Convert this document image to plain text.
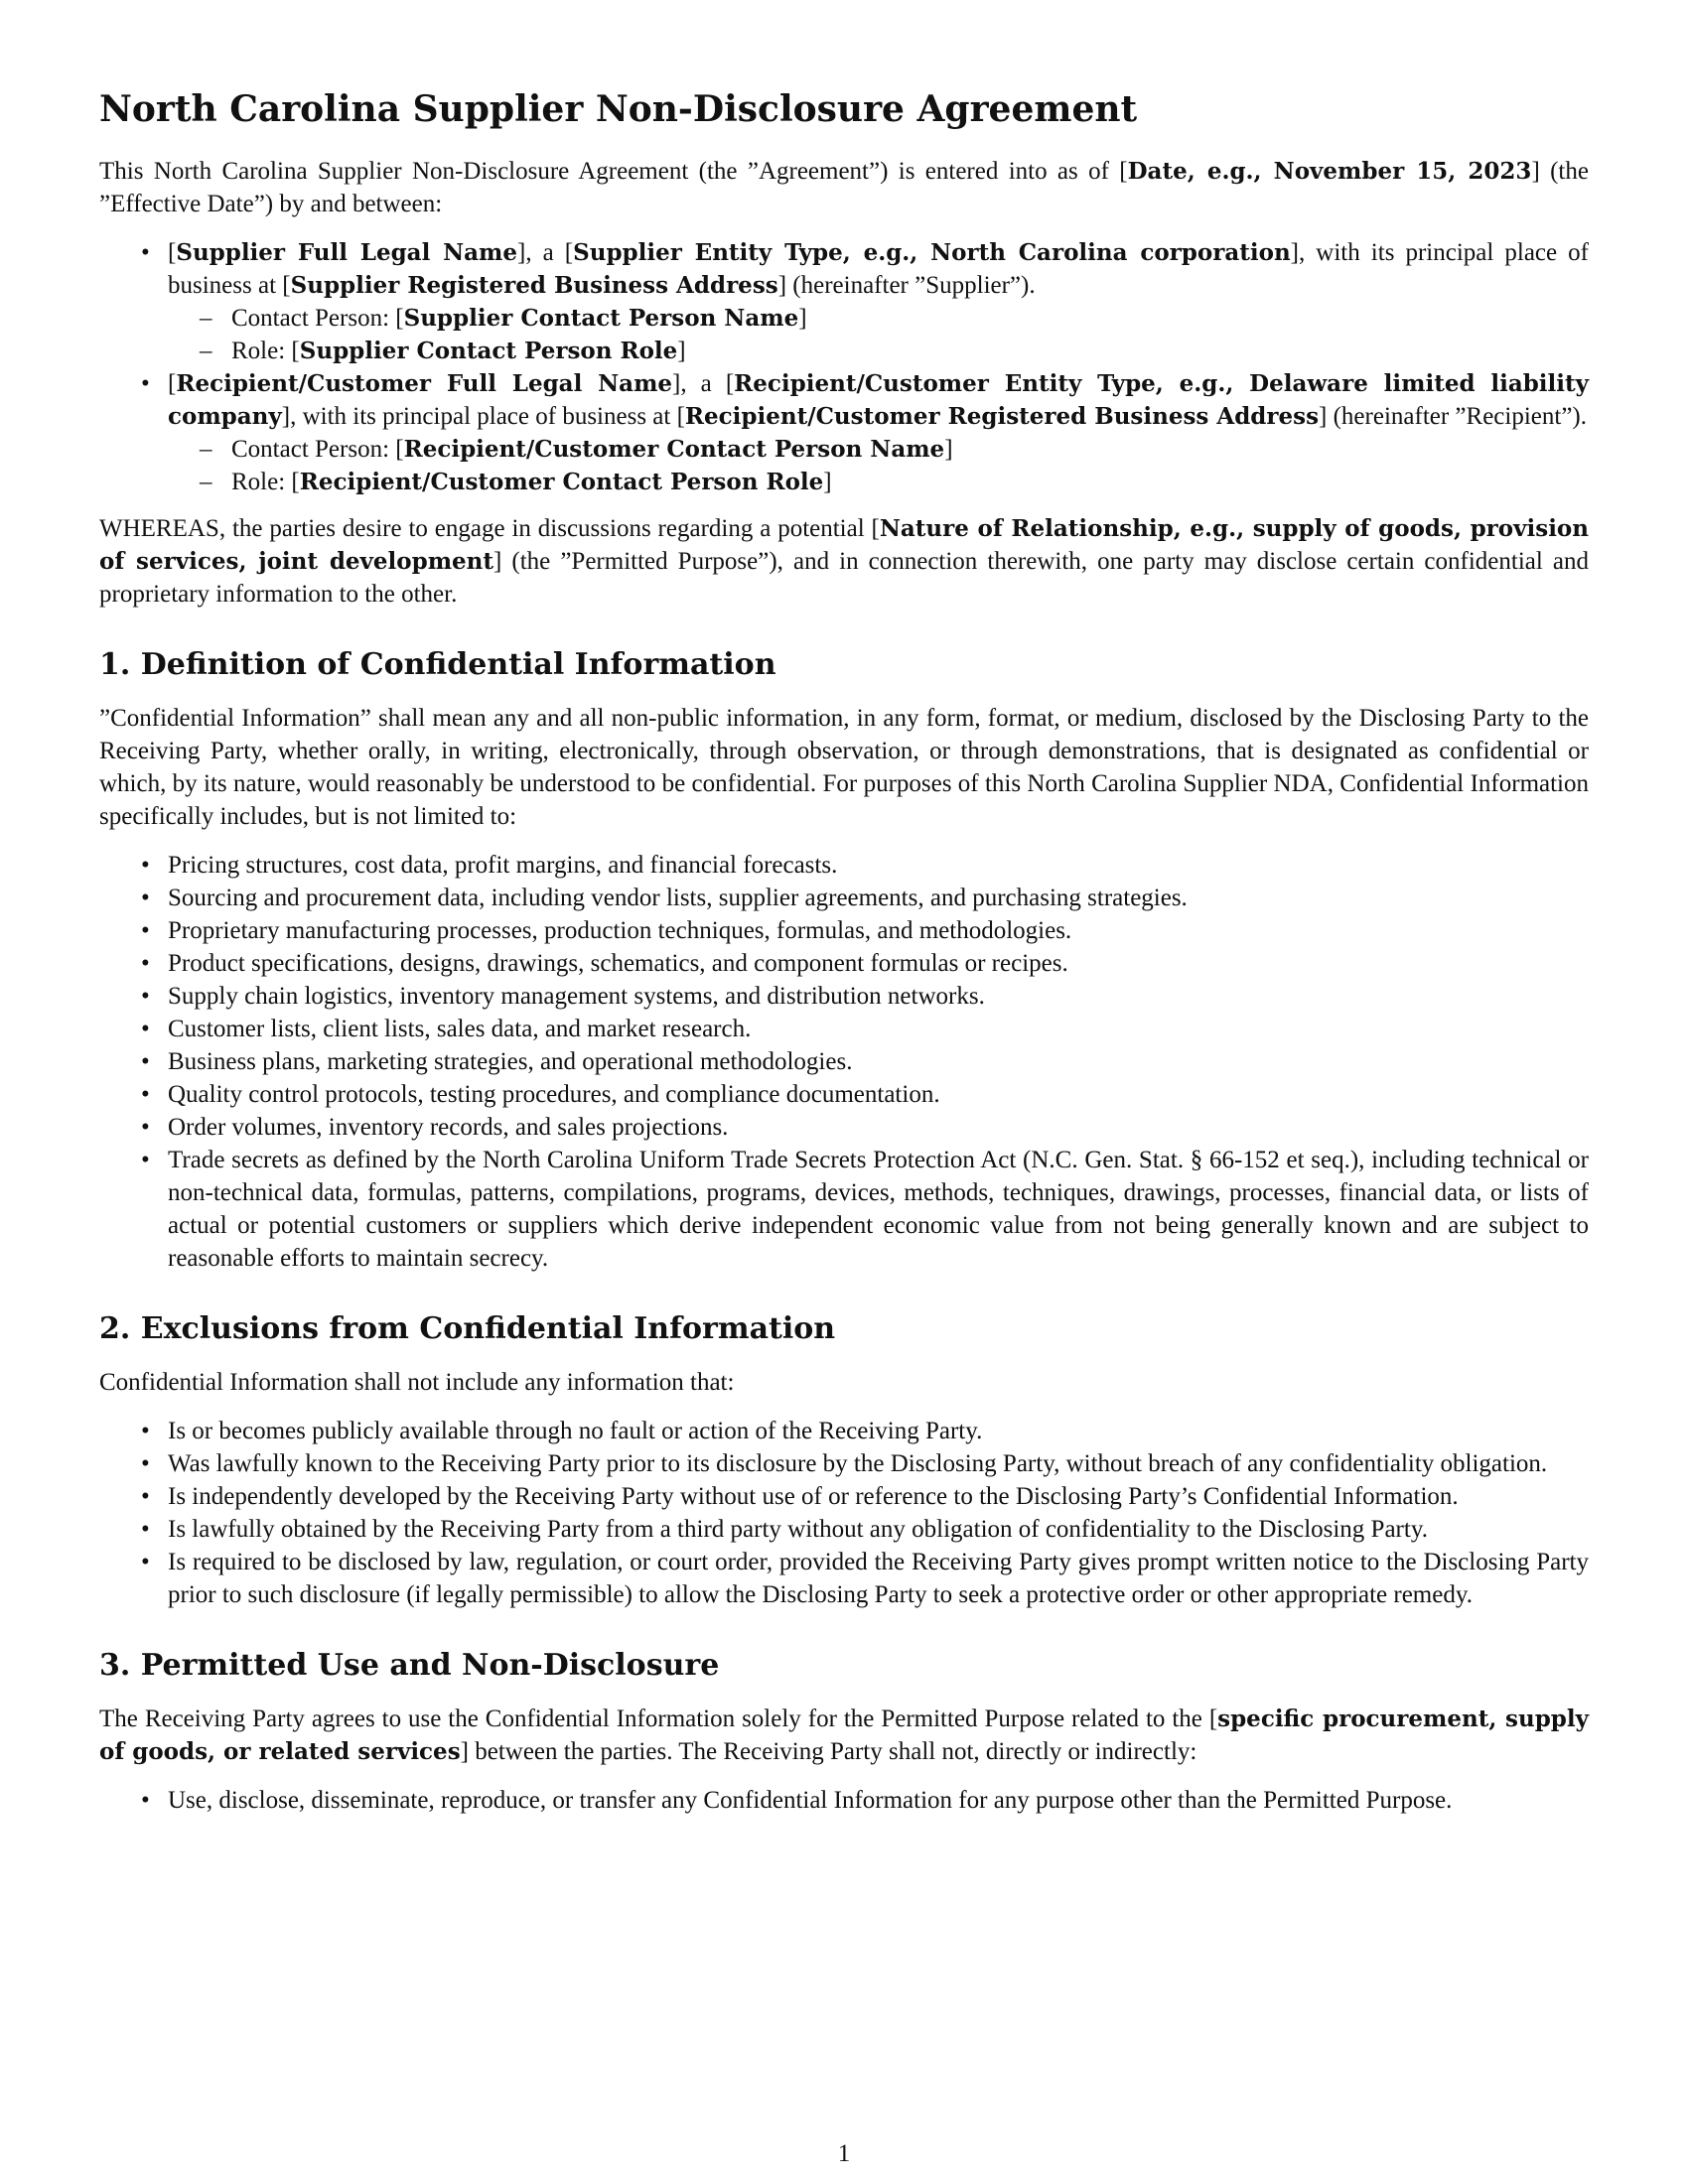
North Carolina Supplier Non-Disclosure Agreement

This North Carolina Supplier Non-Disclosure Agreement (the ”Agreement”) is entered into as of [Date, e.g., November 15, 2023] (the ”Effective Date”) by and between:

• [Supplier Full Legal Name], a [Supplier Entity Type, e.g., North Carolina corporation], with its principal place of business at [Supplier Registered Business Address] (hereinafter ”Supplier”).
– Contact Person: [Supplier Contact Person Name]
– Role: [Supplier Contact Person Role]
• [Recipient/Customer Full Legal Name], a [Recipient/Customer Entity Type, e.g., Delaware limited liability company], with its principal place of business at [Recipient/Customer Registered Business Address] (hereinafter ”Recipient”).
– Contact Person: [Recipient/Customer Contact Person Name]
– Role: [Recipient/Customer Contact Person Role]

WHEREAS, the parties desire to engage in discussions regarding a potential [Nature of Relationship, e.g., supply of goods, provision of services, joint development] (the ”Permitted Purpose”), and in connection therewith, one party may disclose certain confidential and proprietary information to the other.

1. Definition of Confidential Information

”Confidential Information” shall mean any and all non-public information, in any form, format, or medium, disclosed by the Disclosing Party to the Receiving Party, whether orally, in writing, electronically, through observation, or through demonstrations, that is designated as confidential or which, by its nature, would reasonably be understood to be confidential. For purposes of this North Carolina Supplier NDA, Confidential Information specifically includes, but is not limited to:

• Pricing structures, cost data, profit margins, and financial forecasts.
• Sourcing and procurement data, including vendor lists, supplier agreements, and purchasing strategies.
• Proprietary manufacturing processes, production techniques, formulas, and methodologies.
• Product specifications, designs, drawings, schematics, and component formulas or recipes.
• Supply chain logistics, inventory management systems, and distribution networks.
• Customer lists, client lists, sales data, and market research.
• Business plans, marketing strategies, and operational methodologies.
• Quality control protocols, testing procedures, and compliance documentation.
• Order volumes, inventory records, and sales projections.
• Trade secrets as defined by the North Carolina Uniform Trade Secrets Protection Act (N.C. Gen. Stat. § 66-152 et seq.), including technical or non-technical data, formulas, patterns, compilations, programs, devices, methods, techniques, drawings, processes, financial data, or lists of actual or potential customers or suppliers which derive independent economic value from not being generally known and are subject to reasonable efforts to maintain secrecy.
2. Exclusions from Confidential Information

Confidential Information shall not include any information that:

• Is or becomes publicly available through no fault or action of the Receiving Party.
• Was lawfully known to the Receiving Party prior to its disclosure by the Disclosing Party, without breach of any confidentiality obligation.
• Is independently developed by the Receiving Party without use of or reference to the Disclosing Party’s Confidential Information.
• Is lawfully obtained by the Receiving Party from a third party without any obligation of confidentiality to the Disclosing Party.
• Is required to be disclosed by law, regulation, or court order, provided the Receiving Party gives prompt written notice to the Disclosing Party prior to such disclosure (if legally permissible) to allow the Disclosing Party to seek a protective order or other appropriate remedy.
3. Permitted Use and Non-Disclosure

The Receiving Party agrees to use the Confidential Information solely for the Permitted Purpose related to the [specific procurement, supply of goods, or related services] between the parties. The Receiving Party shall not, directly or indirectly:

• Use, disclose, disseminate, reproduce, or transfer any Confidential Information for any purpose other than the Permitted Purpose.
1
